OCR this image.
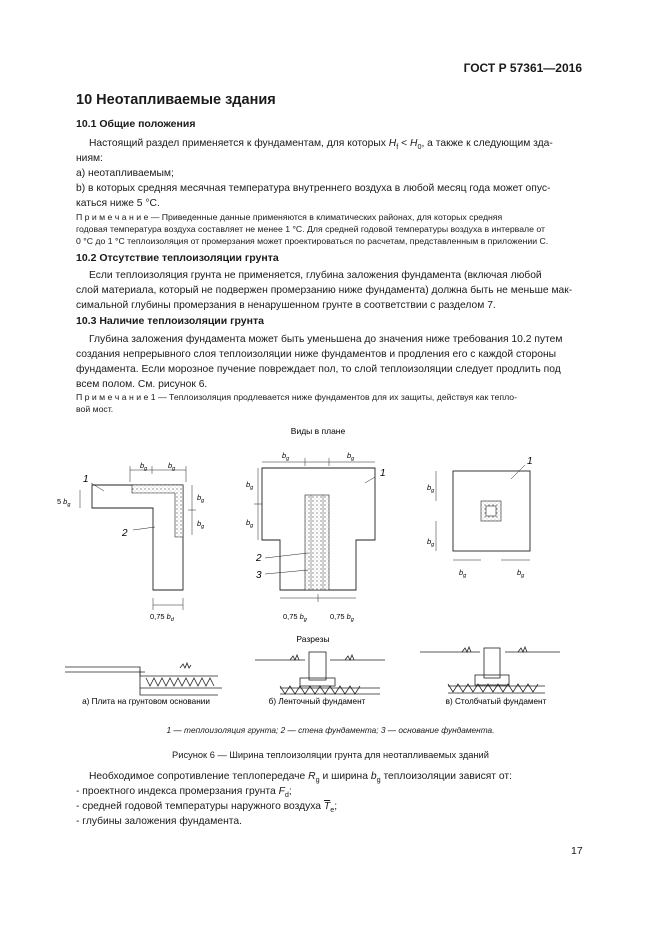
ГОСТ Р 57361—2016
10 Неотапливаемые здания
10.1 Общие положения
Настоящий раздел применяется к фундаментам, для которых $H_f < H_0$, а также к следующим зда-
ниям:
а) неотапливаемым;
b) в которых средняя месячная температура внутреннего воздуха в любой месяц года может опус-
каться ниже 5 °С.
П р и м е ч а н и е — Приведенные данные применяются в климатических районах, для которых средняя
годовая температура воздуха составляет не менее 1 °С. Для средней годовой температуры воздуха в интервале от
0 °С до 1 °С теплоизоляция от промерзания может проектироваться по расчетам, представленным в приложении С.
10.2 Отсутствие теплоизоляции грунта
Если теплоизоляция грунта не применяется, глубина заложения фундамента (включая любой
слой материала, который не подвержен промерзанию ниже фундамента) должна быть не меньше мак-
симальной глубины промерзания в ненарушенном грунте в соответствии с разделом 7.
10.3 Наличие теплоизоляции грунта
Глубина заложения фундамента может быть уменьшена до значения ниже требования 10.2 путем
создания непрерывного слоя теплоизоляции ниже фундаментов и продления его с каждой стороны
фундамента. Если морозное пучение повреждает пол, то слой теплоизоляции следует продлить под
всем полом. См. рисунок 6.
П р и м е ч а н и е 1 — Теплоизоляция продлевается ниже фундаментов для их защиты, действуя как тепло-
вой мост.
Виды в плане
$b_g$	$b_g$
$b_g$
$b_g$
5 $b_g$
1
2
0,75 $b_d$
$b_g$	$b_g$
$b_g$
$b_g$
1
2
3
0,75 $b_g$	0,75 $b_g$
$b_g$
$b_g$
$b_g$	$b_g$
1
Разрезы
а) Плита на грунтовом основании	б) Ленточный фундамент	в) Столбчатый фундамент
1 — теплоизоляция грунта; 2 — стена фундамента; 3 — основание фундамента.
Рисунок 6 — Ширина теплоизоляции грунта для неотапливаемых зданий
Необходимое сопротивление теплопередаче $R_g$ и ширина $b_g$ теплоизоляции зависят от:
- проектного индекса промерзания грунта $F_d$;
- средней годовой температуры наружного воздуха $\overline{T}_e$;
- глубины заложения фундамента.
17
